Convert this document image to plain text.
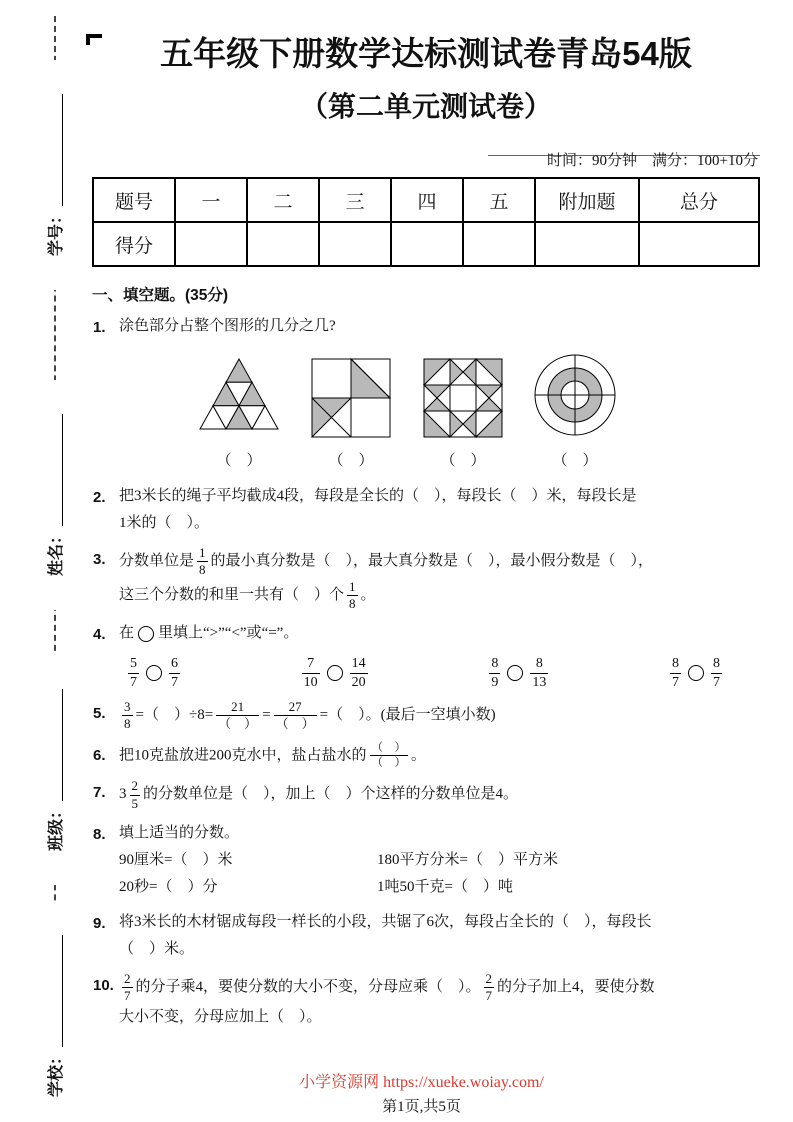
学号：
姓名：
班级：
学校：
五年级下册数学达标测试卷青岛54版
（第二单元测试卷）
时间：90分钟　满分：100+10分
题号	一	二	三	四	五	附加题	总分
得分							
一、填空题。(35分)
1. 涂色部分占整个图形的几分之几?
（　）	（　）	（　）	（　）
2. 把3米长的绳子平均截成4段，每段是全长的（　），每段长（　）米，每段长是
1米的（　）。
3. 分数单位是 $\frac{1}{8}$ 的最小真分数是（　），最大真分数是（　），最小假分数是（　），
这三个分数的和里一共有（　）个 $\frac{1}{8}$ 。
4. 在 里填上“>”“<”或“=”。
$\frac{5}{7} \frac{6}{7}$	$\frac{7}{10} \frac{14}{20}$	$\frac{8}{9} \frac{8}{13}$	$\frac{8}{7} \frac{8}{7}$
5.	$\frac{3}{8}$ =（　）$\div 8= \frac{21}{( )} = \frac{27}{( )}$ =（　）。(最后一空填小数)
6. 把10克盐放进200克水中，盐占盐水的 $\frac{( )}{( )}$ 。
7. $3 \frac{2}{5}$ 的分数单位是（　），加上（　）个这样的分数单位是4。
8. 填上适当的分数。
90厘米=（　）米	180平方分米=（　）平方米
20秒=（　）分	1吨50千克=（　）吨
9. 将3米长的木材锯成每段一样长的小段，共锯了6次，每段占全长的（　），每段长
（　）米。
10. $\frac{2}{7}$ 的分子乘4，要使分数的大小不变，分母应乘（　）。 $\frac{2}{7}$ 的分子加上4，要使分数
大小不变，分母应加上（　）。
小学资源网 https://xueke.woiay.com/
第1页,共5页
